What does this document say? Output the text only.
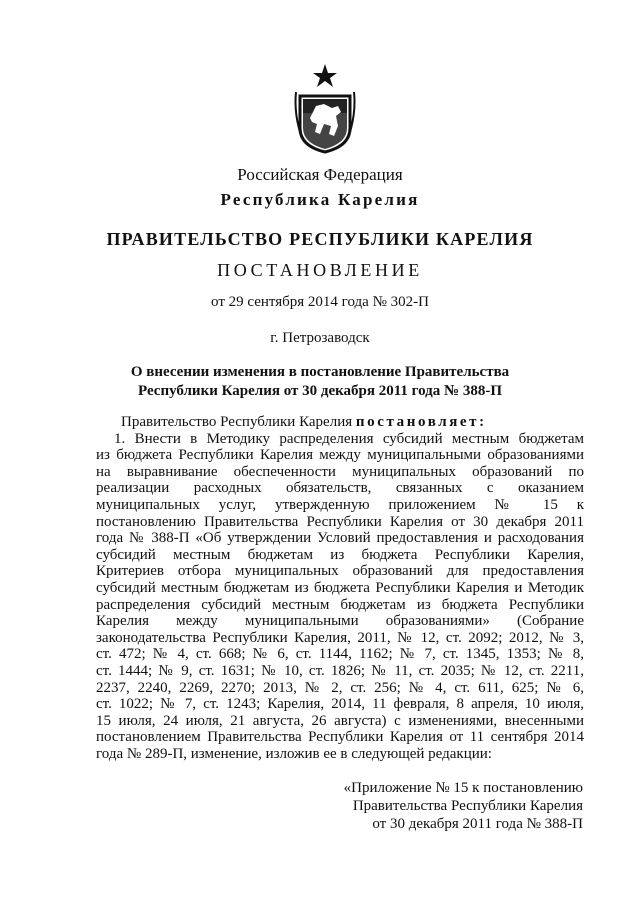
Российская Федерация
Республика Карелия
ПРАВИТЕЛЬСТВО РЕСПУБЛИКИ КАРЕЛИЯ
ПОСТАНОВЛЕНИЕ
от 29 сентября 2014 года № 302-П
г. Петрозаводск
О внесении изменения в постановление Правительства
Республики Карелия от 30 декабря 2011 года № 388-П

Правительство Республики Карелия постановляет:

1. Внести в Методику распределения субсидий местным бюджетам
из бюджета Республики Карелия между муниципальными образованиями
на выравнивание обеспеченности муниципальных образований по
реализации расходных обязательств, связанных с оказанием
муниципальных услуг, утвержденную приложением № 15 к
постановлению Правительства Республики Карелия от 30 декабря 2011
года № 388-П «Об утверждении Условий предоставления и расходования
субсидий местным бюджетам из бюджета Республики Карелия,
Критериев отбора муниципальных образований для предоставления
субсидий местным бюджетам из бюджета Республики Карелия и Методик
распределения субсидий местным бюджетам из бюджета Республики
Карелия между муниципальными образованиями» (Собрание
законодательства Республики Карелия, 2011, № 12, ст. 2092; 2012, № 3,
ст. 472; № 4, ст. 668; № 6, ст. 1144, 1162; № 7, ст. 1345, 1353; № 8,
ст. 1444; № 9, ст. 1631; № 10, ст. 1826; № 11, ст. 2035; № 12, ст. 2211,
2237, 2240, 2269, 2270; 2013, № 2, ст. 256; № 4, ст. 611, 625; № 6,
ст. 1022; № 7, ст. 1243; Карелия, 2014, 11 февраля, 8 апреля, 10 июля,
15 июля, 24 июля, 21 августа, 26 августа) с изменениями, внесенными
постановлением Правительства Республики Карелия от 11 сентября 2014
года № 289-П, изменение, изложив ее в следующей редакции:
«Приложение № 15 к постановлению
Правительства Республики Карелия
от 30 декабря 2011 года № 388-П
